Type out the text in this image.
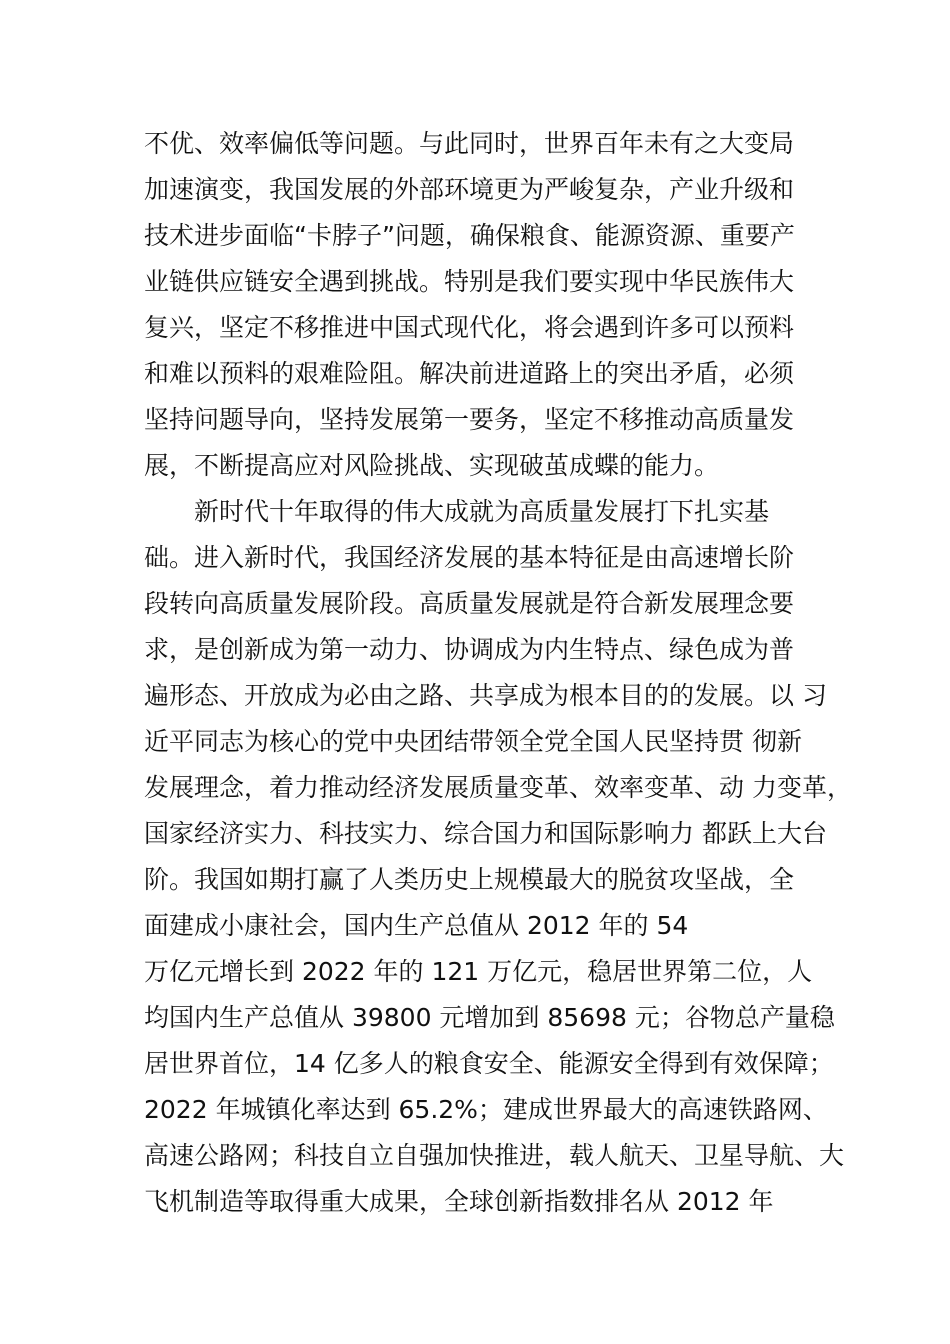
不优、效率偏低等问题。与此同时，世界百年未有之大变局
加速演变，我国发展的外部环境更为严峻复杂，产业升级和
技术进步面临“卡脖子”问题，确保粮食、能源资源、重要产
业链供应链安全遇到挑战。特别是我们要实现中华民族伟大
复兴，坚定不移推进中国式现代化，将会遇到许多可以预料
和难以预料的艰难险阻。解决前进道路上的突出矛盾，必须
坚持问题导向，坚持发展第一要务，坚定不移推动高质量发
展，不断提高应对风险挑战、实现破茧成蝶的能力。
新时代十年取得的伟大成就为高质量发展打下扎实基
础。进入新时代，我国经济发展的基本特征是由高速增长阶
段转向高质量发展阶段。高质量发展就是符合新发展理念要
求，是创新成为第一动力、协调成为内生特点、绿色成为普
遍形态、开放成为必由之路、共享成为根本目的的发展。以 习
近平同志为核心的党中央团结带领全党全国人民坚持贯 彻新
发展理念，着力推动经济发展质量变革、效率变革、动 力变革，
国家经济实力、科技实力、综合国力和国际影响力 都跃上大台
阶。我国如期打赢了人类历史上规模最大的脱贫攻坚战，全
面建成小康社会，国内生产总值从 2012 年的 54
万亿元增长到 2022 年的 121 万亿元，稳居世界第二位，人
均国内生产总值从 39800 元增加到 85698 元；谷物总产量稳
居世界首位，14 亿多人的粮食安全、能源安全得到有效保障；
2022 年城镇化率达到 65.2%；建成世界最大的高速铁路网、
高速公路网；科技自立自强加快推进，载人航天、卫星导航、大
飞机制造等取得重大成果，全球创新指数排名从 2012 年
